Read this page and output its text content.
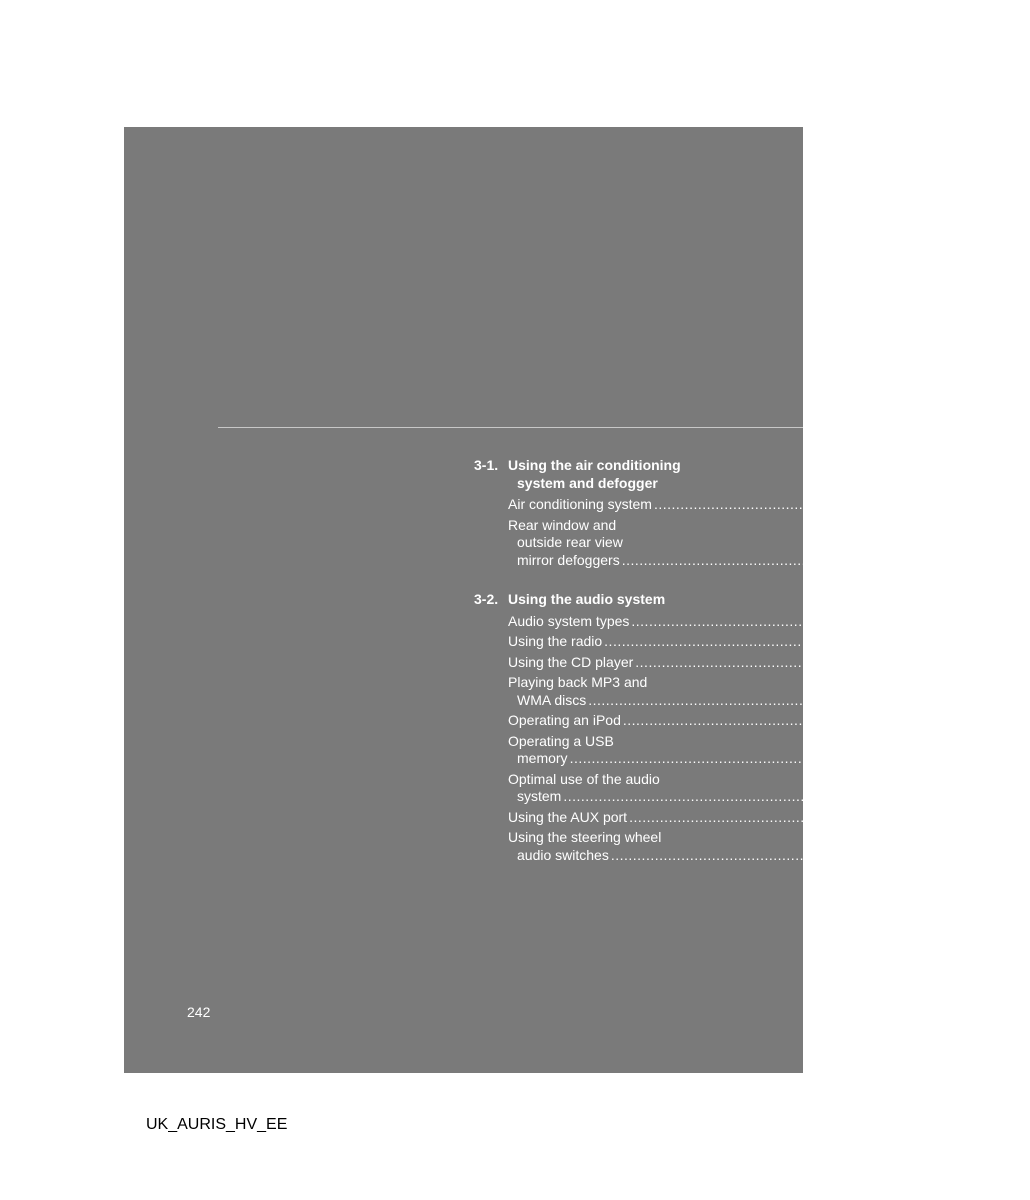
3-1. Using the air conditioning
system and defogger
Air conditioning system ................................................................................ 244
Rear window and
outside rear view
mirror defoggers ................................................................................ 251
3-2. Using the audio system
Audio system types ................................................................................ 252
Using the radio ................................................................................ 257
Using the CD player ................................................................................ 262
Playing back MP3 and
WMA discs ................................................................................ 267
Operating an iPod ................................................................................ 273
Operating a USB
memory ................................................................................ 280
Optimal use of the audio
system ................................................................................ 288
Using the AUX port ................................................................................ 291
Using the steering wheel
audio switches ................................................................................ 292
242
UK_AURIS_HV_EE
